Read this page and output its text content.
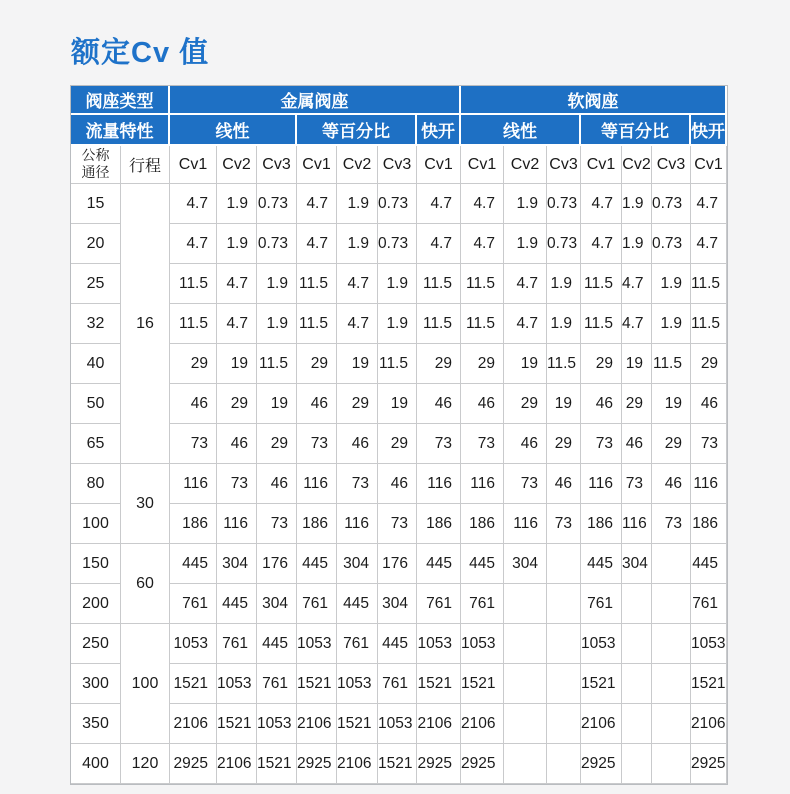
额定Cv 值
阀座类型		金属阀座							软阀座						
流量特性		线性			等百分比			快开	线性			等百分比			快开
公称通径	行程	Cv1	Cv2	Cv3	Cv1	Cv2	Cv3	Cv1	Cv1	Cv2	Cv3	Cv1	Cv2	Cv3	Cv1
15	16	4.7	1.9	0.73	4.7	1.9	0.73	4.7	4.7	1.9	0.73	4.7	1.9	0.73	4.7
20		4.7	1.9	0.73	4.7	1.9	0.73	4.7	4.7	1.9	0.73	4.7	1.9	0.73	4.7
25		11.5	4.7	1.9	11.5	4.7	1.9	11.5	11.5	4.7	1.9	11.5	4.7	1.9	11.5
32		11.5	4.7	1.9	11.5	4.7	1.9	11.5	11.5	4.7	1.9	11.5	4.7	1.9	11.5
40		29	19	11.5	29	19	11.5	29	29	19	11.5	29	19	11.5	29
50		46	29	19	46	29	19	46	46	29	19	46	29	19	46
65		73	46	29	73	46	29	73	73	46	29	73	46	29	73
80	30	116	73	46	116	73	46	116	116	73	46	116	73	46	116
100		186	116	73	186	116	73	186	186	116	73	186	116	73	186
150	60	445	304	176	445	304	176	445	445	304		445	304		445
200		761	445	304	761	445	304	761	761			761			761
250	100	1053	761	445	1053	761	445	1053	1053			1053			1053
300		1521	1053	761	1521	1053	761	1521	1521			1521			1521
350		2106	1521	1053	2106	1521	1053	2106	2106			2106			2106
400	120	2925	2106	1521	2925	2106	1521	2925	2925			2925			2925
